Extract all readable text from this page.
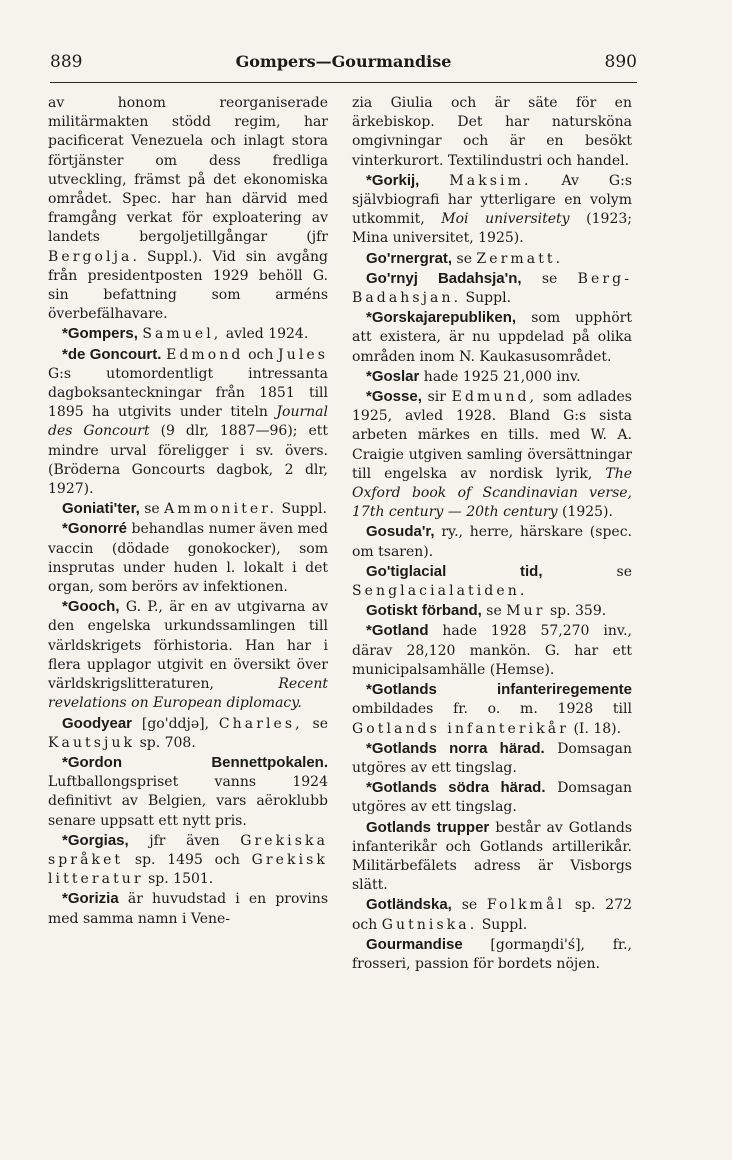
889	Gompers—Gourmandise	890

av honom reorganiserade militärmakten stödd regim, har pacificerat Venezuela och inlagt stora förtjänster om dess fredliga utveckling, främst på det ekonomiska området. Spec. har han därvid med framgång verkat för exploatering av landets bergoljetillgångar (jfr Bergolja. Suppl.). Vid sin avgång från presidentposten 1929 behöll G. sin befattning som arméns överbefälhavare.

*Gompers, Samuel, avled 1924.

*de Goncourt. Edmond och Jules G:s utomordentligt intressanta dagboksanteckningar från 1851 till 1895 ha utgivits under titeln Journal des Goncourt (9 dlr, 1887—96); ett mindre urval föreligger i sv. övers. (Bröderna Goncourts dagbok, 2 dlr, 1927).

Goniati'ter, se Ammoniter. Suppl.

*Gonorré behandlas numer även med vaccin (dödade gonokocker), som insprutas under huden l. lokalt i det organ, som berörs av infektionen.

*Gooch, G. P., är en av utgivarna av den engelska urkundssamlingen till världskrigets förhistoria. Han har i flera upplagor utgivit en översikt över världskrigslitteraturen, Recent revelations on European diplomacy.

Goodyear [go'ddjə], Charles, se Kautsjuk sp. 708.

*Gordon Bennettpokalen. Luftballongspriset vanns 1924 definitivt av Belgien, vars aëroklubb senare uppsatt ett nytt pris.

*Gorgias, jfr även Grekiska språket sp. 1495 och Grekisk litteratur sp. 1501.

*Gorizia är huvudstad i en provins med samma namn i Vene-

zia Giulia och är säte för en ärkebiskop. Det har natursköna omgivningar och är en besökt vinterkurort. Textilindustri och handel.

*Gorkij, Maksim. Av G:s självbiografi har ytterligare en volym utkommit, Moi universitety (1923; Mina universitet, 1925).

Go'rnergrat, se Zermatt.

Go'rnyj Badahsja'n, se Berg-Badahsjan. Suppl.

*Gorskajarepubliken, som upphört att existera, är nu uppdelad på olika områden inom N. Kaukasusområdet.

*Goslar hade 1925 21,000 inv.

*Gosse, sir Edmund, som adlades 1925, avled 1928. Bland G:s sista arbeten märkes en tills. med W. A. Craigie utgiven samling översättningar till engelska av nordisk lyrik, The Oxford book of Scandinavian verse, 17th century — 20th century (1925).

Gosuda'r, ry., herre, härskare (spec. om tsaren).

Go'tiglacial tid, se Senglacialatiden.

Gotiskt förband, se Mur sp. 359.

*Gotland hade 1928 57,270 inv., därav 28,120 mankön. G. har ett municipalsamhälle (Hemse).

*Gotlands infanteriregementе ombildades fr. o. m. 1928 till Gotlands infanterikår (I. 18).

*Gotlands norra härad. Domsagan utgöres av ett tingslag.

*Gotlands södra härad. Domsagan utgöres av ett tingslag.

Gotlands trupper består av Gotlands infanterikår och Gotlands artillerikår. Militärbefälets adress är Visborgs slätt.

Gotländska, se Folkmål sp. 272 och Gutniska. Suppl.

Gourmandise [gormaŋdi'ś], fr., frosseri, passion för bordets nöjen.
